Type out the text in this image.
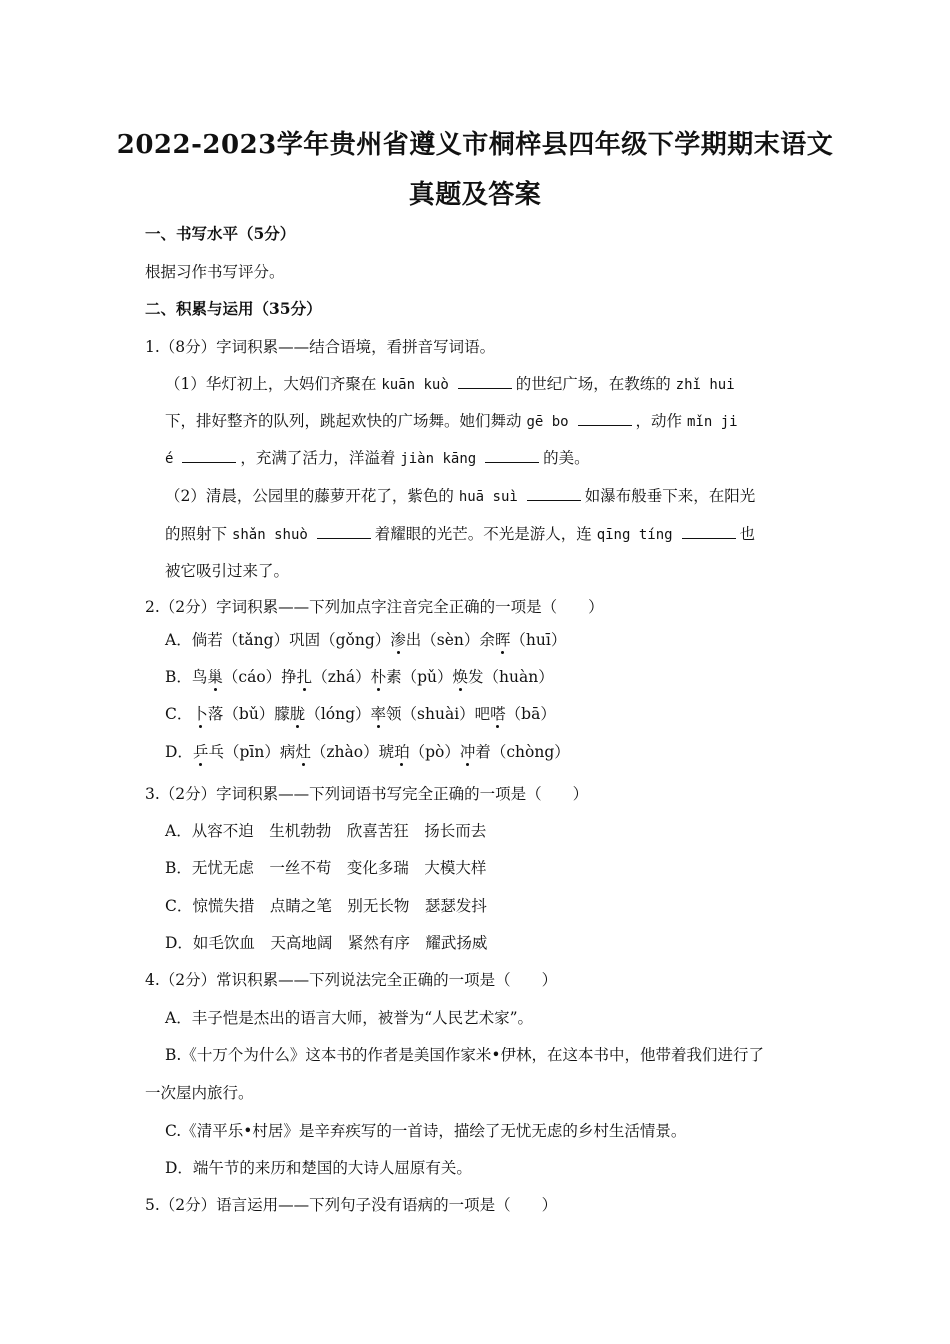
2022-2023学年贵州省遵义市桐梓县四年级下学期期末语文
真题及答案
一、书写水平（5分）
根据习作书写评分。
二、积累与运用（35分）
1.（8分）字词积累——结合语境，看拼音写词语。
（1）华灯初上，大妈们齐聚在 kuān kuò	的世纪广场，在教练的 zhǐ hui
下，排好整齐的队列，跳起欢快的广场舞。她们舞动 gē bo	，动作 mǐn ji
é	，充满了活力，洋溢着 jiàn kāng	的美。
（2）清晨，公园里的藤萝开花了，紫色的 huā suì	如瀑布般垂下来，在阳光
的照射下 shǎn shuò	着耀眼的光芒。不光是游人，连 qīng tíng	也
被它吸引过来了。
2.（2分）字词积累——下列加点字注音完全正确的一项是（　　）
A．倘若（tǎng）巩固（gǒng）渗出（sèn）余晖（huī）
B．鸟巢（cáo）挣扎（zhá）朴素（pǔ）焕发（huàn）
C．卜落（bǔ）朦胧（lóng）率领（shuài）吧嗒（bā）
D．乒乓（pīn）病灶（zhào）琥珀（pò）冲着（chòng）
3.（2分）字词积累——下列词语书写完全正确的一项是（　　）
A．从容不迫　生机勃勃　欣喜苦狂　扬长而去
B．无忧无虑　一丝不苟　变化多瑞　大模大样
C．惊慌失措　点睛之笔　别无长物　瑟瑟发抖
D．如毛饮血　天高地阔　紧然有序　耀武扬威
4.（2分）常识积累——下列说法完全正确的一项是（　　）
A．丰子恺是杰出的语言大师，被誉为“人民艺术家”。
B.《十万个为什么》这本书的作者是美国作家米•伊林，在这本书中，他带着我们进行了
一次屋内旅行。
C.《清平乐•村居》是辛弃疾写的一首诗，描绘了无忧无虑的乡村生活情景。
D．端午节的来历和楚国的大诗人屈原有关。
5.（2分）语言运用——下列句子没有语病的一项是（　　）
